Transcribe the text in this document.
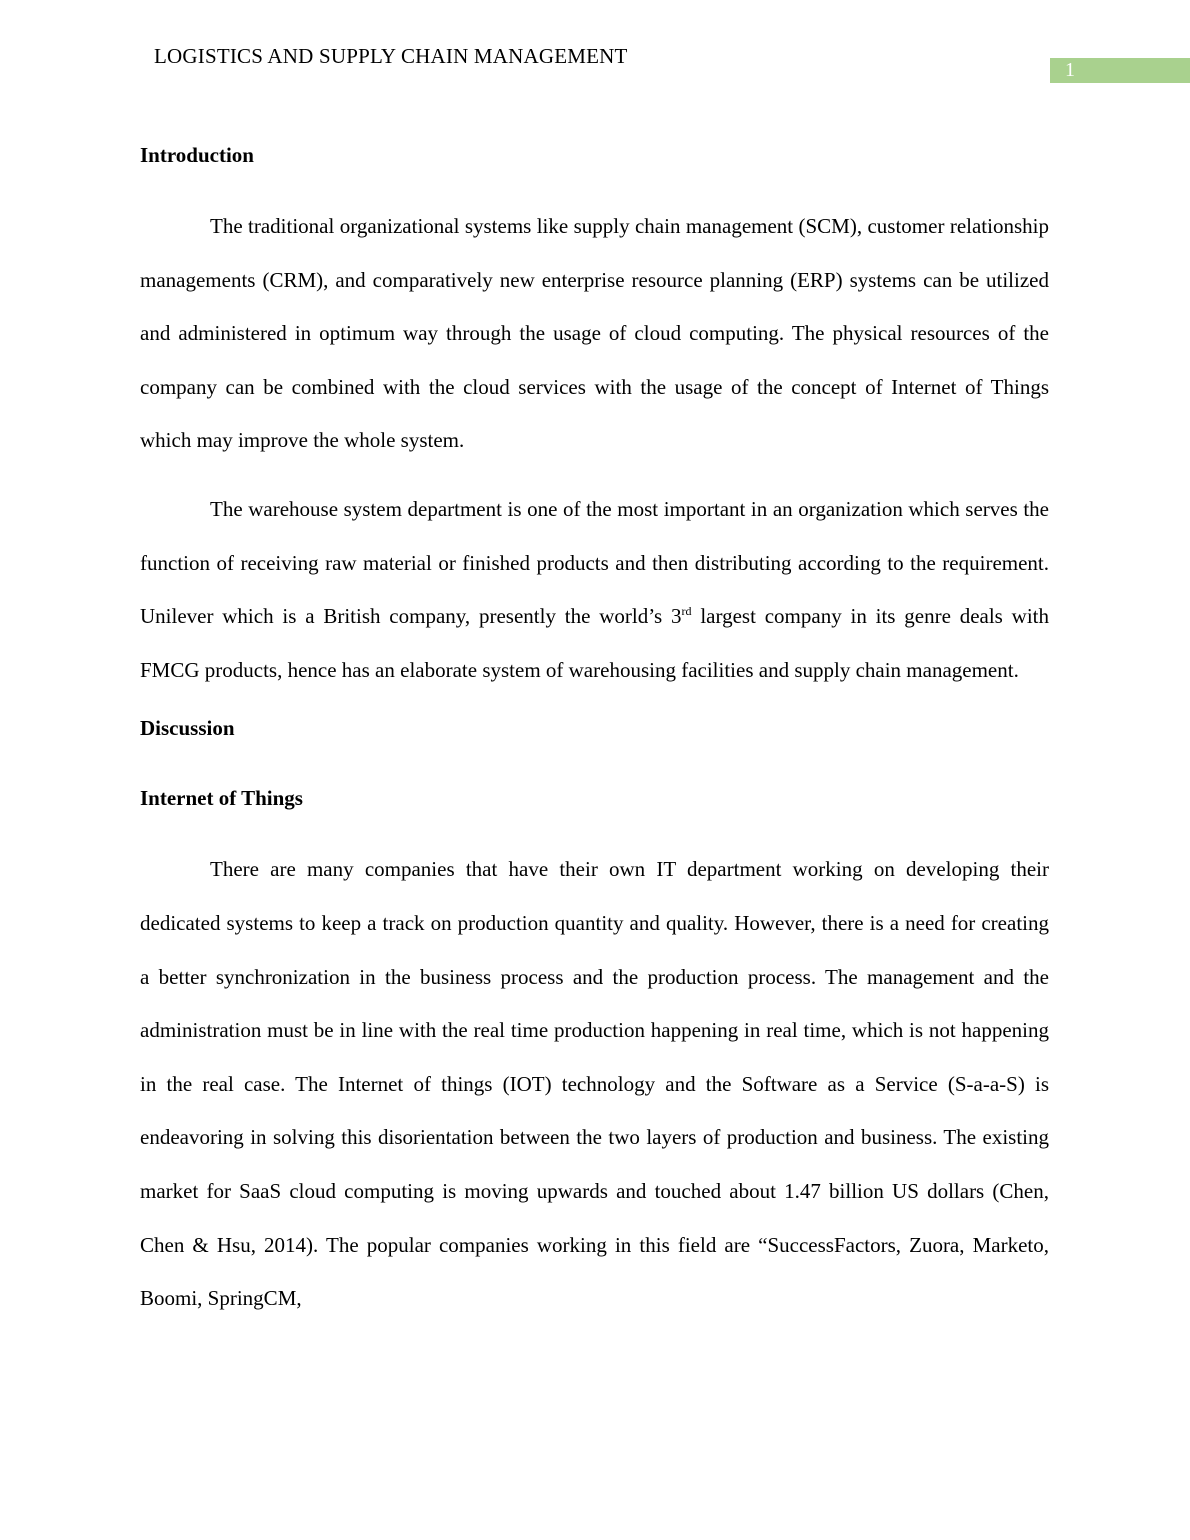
LOGISTICS AND SUPPLY CHAIN MANAGEMENT
1

Introduction

The traditional organizational systems like supply chain management (SCM), customer relationship managements (CRM), and comparatively new enterprise resource planning (ERP) systems can be utilized and administered in optimum way through the usage of cloud computing. The physical resources of the company can be combined with the cloud services with the usage of the concept of Internet of Things which may improve the whole system.

The warehouse system department is one of the most important in an organization which serves the function of receiving raw material or finished products and then distributing according to the requirement. Unilever which is a British company, presently the world’s 3rd largest company in its genre deals with FMCG products, hence has an elaborate system of warehousing facilities and supply chain management.

Discussion

Internet of Things

There are many companies that have their own IT department working on developing their dedicated systems to keep a track on production quantity and quality. However, there is a need for creating a better synchronization in the business process and the production process. The management and the administration must be in line with the real time production happening in real time, which is not happening in the real case. The Internet of things (IOT) technology and the Software as a Service (S-a-a-S) is endeavoring in solving this disorientation between the two layers of production and business. The existing market for SaaS cloud computing is moving upwards and touched about 1.47 billion US dollars (Chen, Chen & Hsu, 2014). The popular companies working in this field are “SuccessFactors, Zuora, Marketo, Boomi, SpringCM,
